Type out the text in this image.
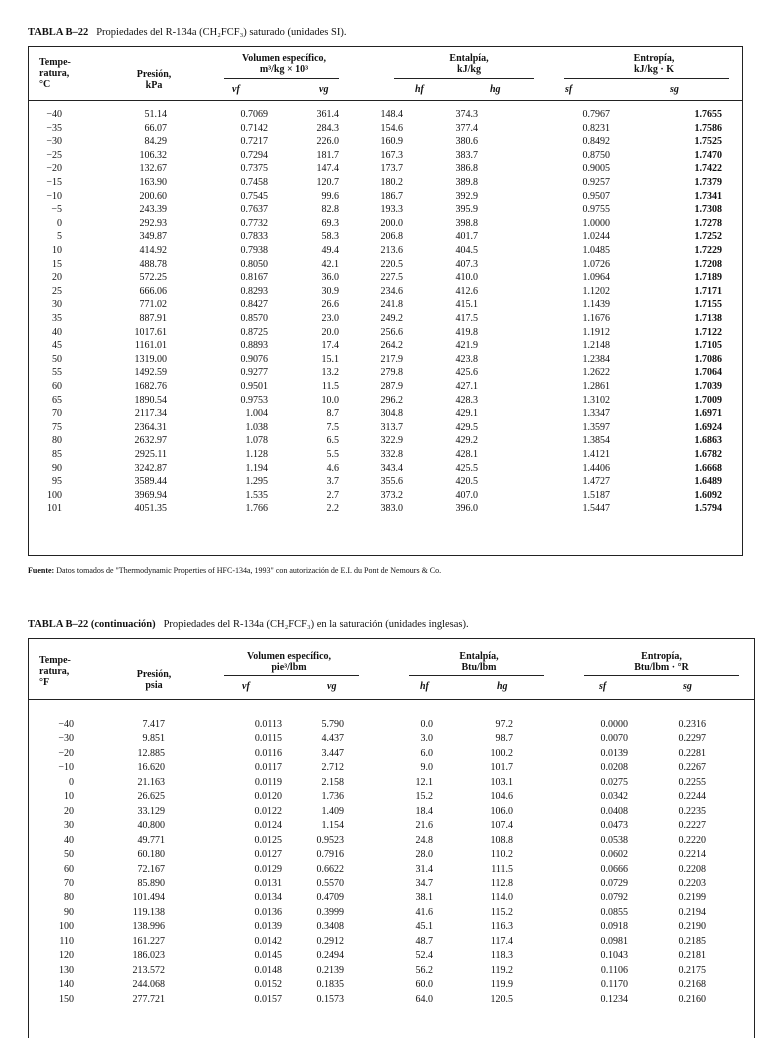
TABLA B–22 Propiedades del R-134a (CH₂FCF₃) saturado (unidades SI).
Tempe-
ratura,
°C
Presión,
kPa
Volumen específico,
m³/kg × 10³
Entalpía,
kJ/kg
Entropía,
kJ/kg · K
vf	vg	hf	hg	sf	sg
−40	51.14	0.7069	361.4	148.4	374.3	0.7967	1.7655
−35	66.07	0.7142	284.3	154.6	377.4	0.8231	1.7586
−30	84.29	0.7217	226.0	160.9	380.6	0.8492	1.7525
−25	106.32	0.7294	181.7	167.3	383.7	0.8750	1.7470
−20	132.67	0.7375	147.4	173.7	386.8	0.9005	1.7422
−15	163.90	0.7458	120.7	180.2	389.8	0.9257	1.7379
−10	200.60	0.7545	99.6	186.7	392.9	0.9507	1.7341
−5	243.39	0.7637	82.8	193.3	395.9	0.9755	1.7308
0	292.93	0.7732	69.3	200.0	398.8	1.0000	1.7278
5	349.87	0.7833	58.3	206.8	401.7	1.0244	1.7252
10	414.92	0.7938	49.4	213.6	404.5	1.0485	1.7229
15	488.78	0.8050	42.1	220.5	407.3	1.0726	1.7208
20	572.25	0.8167	36.0	227.5	410.0	1.0964	1.7189
25	666.06	0.8293	30.9	234.6	412.6	1.1202	1.7171
30	771.02	0.8427	26.6	241.8	415.1	1.1439	1.7155
35	887.91	0.8570	23.0	249.2	417.5	1.1676	1.7138
40	1017.61	0.8725	20.0	256.6	419.8	1.1912	1.7122
45	1161.01	0.8893	17.4	264.2	421.9	1.2148	1.7105
50	1319.00	0.9076	15.1	217.9	423.8	1.2384	1.7086
55	1492.59	0.9277	13.2	279.8	425.6	1.2622	1.7064
60	1682.76	0.9501	11.5	287.9	427.1	1.2861	1.7039
65	1890.54	0.9753	10.0	296.2	428.3	1.3102	1.7009
70	2117.34	1.004	8.7	304.8	429.1	1.3347	1.6971
75	2364.31	1.038	7.5	313.7	429.5	1.3597	1.6924
80	2632.97	1.078	6.5	322.9	429.2	1.3854	1.6863
85	2925.11	1.128	5.5	332.8	428.1	1.4121	1.6782
90	3242.87	1.194	4.6	343.4	425.5	1.4406	1.6668
95	3589.44	1.295	3.7	355.6	420.5	1.4727	1.6489
100	3969.94	1.535	2.7	373.2	407.0	1.5187	1.6092
101	4051.35	1.766	2.2	383.0	396.0	1.5447	1.5794
Fuente: Datos tomados de "Thermodynamic Properties of HFC-134a, 1993" con autorización de E.I. du Pont de Nemours & Co.
TABLA B–22 (continuación) Propiedades del R-134a (CH₂FCF₃) en la saturación (unidades inglesas).
Tempe-
ratura,
°F
Presión,
psia
Volumen específico,
pie³/lbm
Entalpía,
Btu/lbm
Entropía,
Btu/lbm · °R
vf	vg	hf	hg	sf	sg
−40	7.417	0.0113	5.790	0.0	97.2	0.0000	0.2316
−30	9.851	0.0115	4.437	3.0	98.7	0.0070	0.2297
−20	12.885	0.0116	3.447	6.0	100.2	0.0139	0.2281
−10	16.620	0.0117	2.712	9.0	101.7	0.0208	0.2267
0	21.163	0.0119	2.158	12.1	103.1	0.0275	0.2255
10	26.625	0.0120	1.736	15.2	104.6	0.0342	0.2244
20	33.129	0.0122	1.409	18.4	106.0	0.0408	0.2235
30	40.800	0.0124	1.154	21.6	107.4	0.0473	0.2227
40	49.771	0.0125	0.9523	24.8	108.8	0.0538	0.2220
50	60.180	0.0127	0.7916	28.0	110.2	0.0602	0.2214
60	72.167	0.0129	0.6622	31.4	111.5	0.0666	0.2208
70	85.890	0.0131	0.5570	34.7	112.8	0.0729	0.2203
80	101.494	0.0134	0.4709	38.1	114.0	0.0792	0.2199
90	119.138	0.0136	0.3999	41.6	115.2	0.0855	0.2194
100	138.996	0.0139	0.3408	45.1	116.3	0.0918	0.2190
110	161.227	0.0142	0.2912	48.7	117.4	0.0981	0.2185
120	186.023	0.0145	0.2494	52.4	118.3	0.1043	0.2181
130	213.572	0.0148	0.2139	56.2	119.2	0.1106	0.2175
140	244.068	0.0152	0.1835	60.0	119.9	0.1170	0.2168
150	277.721	0.0157	0.1573	64.0	120.5	0.1234	0.2160
